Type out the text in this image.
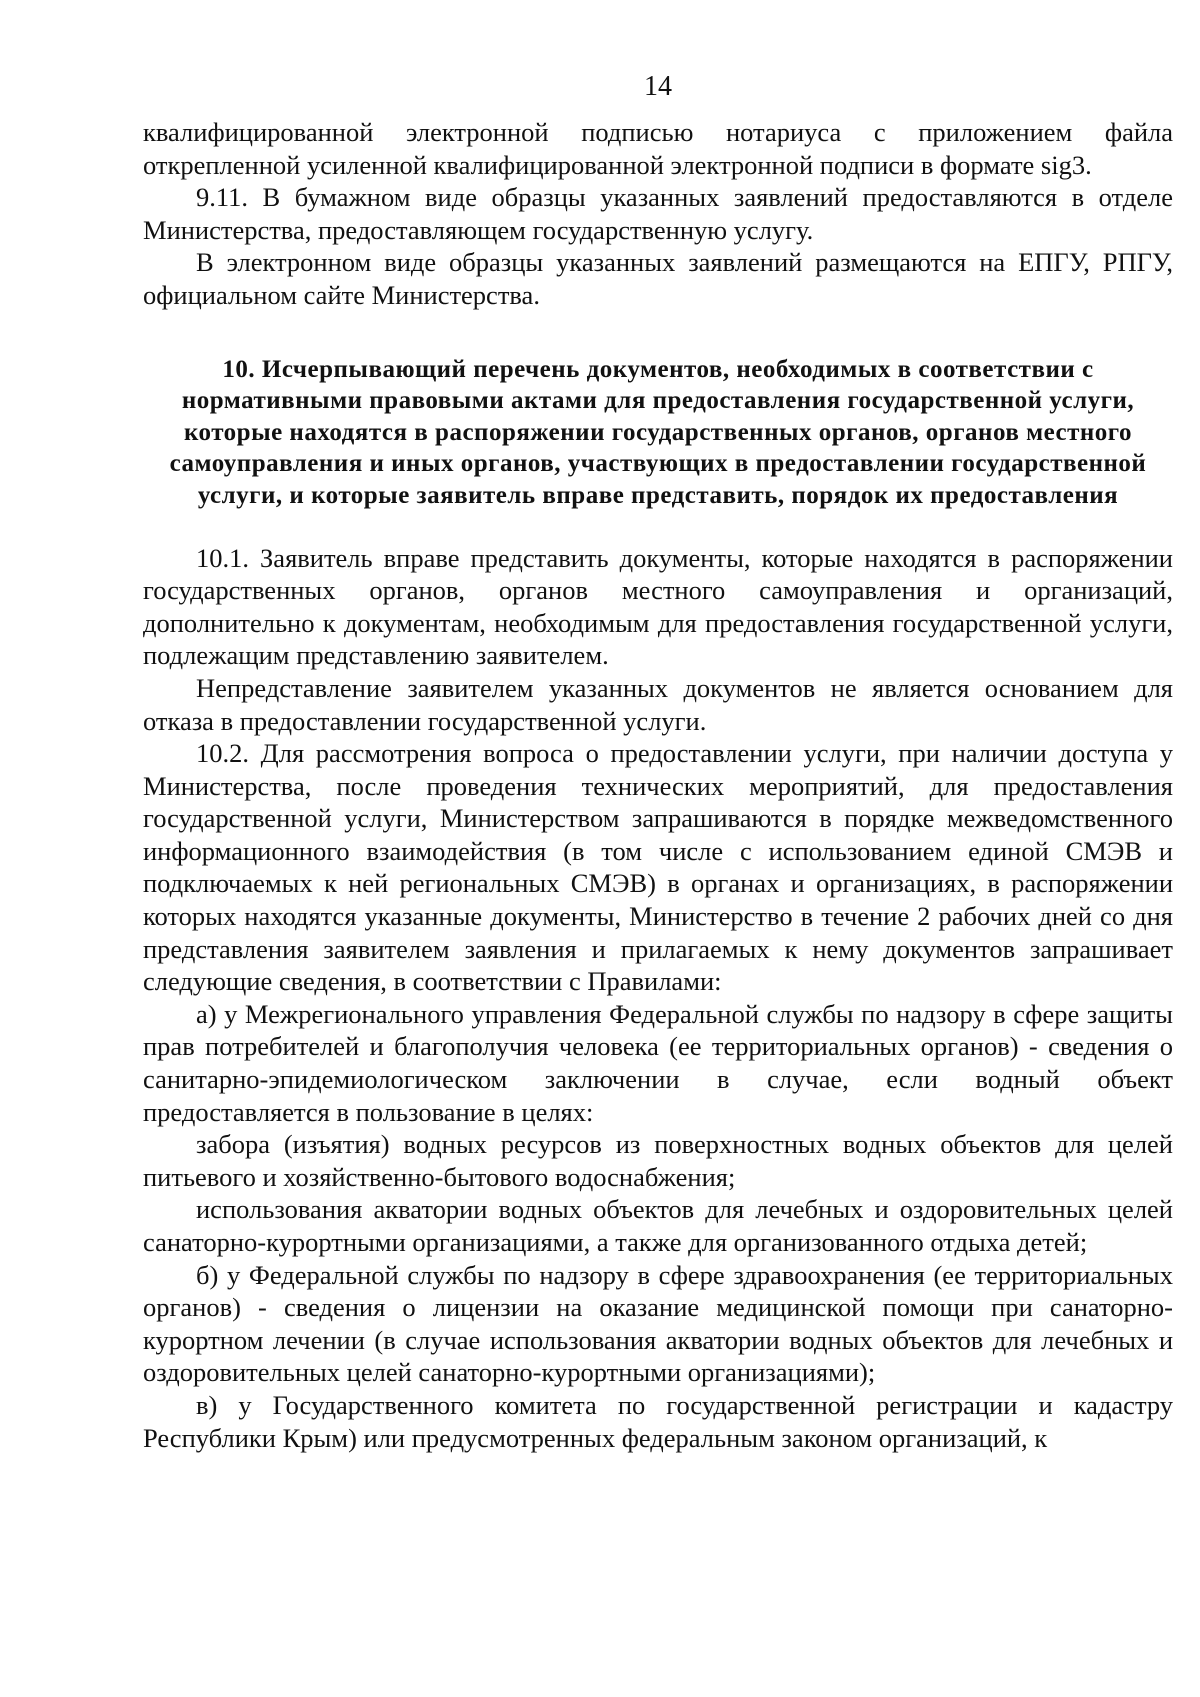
14

квалифицированной электронной подписью нотариуса с приложением файла открепленной усиленной квалифицированной электронной подписи в формате sig3.

9.11. В бумажном виде образцы указанных заявлений предоставляются в отделе Министерства, предоставляющем государственную услугу.

В электронном виде образцы указанных заявлений размещаются на ЕПГУ, РПГУ, официальном сайте Министерства.

10. Исчерпывающий перечень документов, необходимых в соответствии с нормативными правовыми актами для предоставления государственной услуги, которые находятся в распоряжении государственных органов, органов местного самоуправления и иных органов, участвующих в предоставлении государственной услуги, и которые заявитель вправе представить, порядок их предоставления

10.1. Заявитель вправе представить документы, которые находятся в распоряжении государственных органов, органов местного самоуправления и организаций, дополнительно к документам, необходимым для предоставления государственной услуги, подлежащим представлению заявителем.

Непредставление заявителем указанных документов не является основанием для отказа в предоставлении государственной услуги.

10.2. Для рассмотрения вопроса о предоставлении услуги, при наличии доступа у Министерства, после проведения технических мероприятий, для предоставления государственной услуги, Министерством запрашиваются в порядке межведомственного информационного взаимодействия (в том числе с использованием единой СМЭВ и подключаемых к ней региональных СМЭВ) в органах и организациях, в распоряжении которых находятся указанные документы, Министерство в течение 2 рабочих дней со дня представления заявителем заявления и прилагаемых к нему документов запрашивает следующие сведения, в соответствии с Правилами:

а) у Межрегионального управления Федеральной службы по надзору в сфере защиты прав потребителей и благополучия человека (ее территориальных органов) - сведения о санитарно-эпидемиологическом заключении в случае, если водный объект предоставляется в пользование в целях:

забора (изъятия) водных ресурсов из поверхностных водных объектов для целей питьевого и хозяйственно-бытового водоснабжения;

использования акватории водных объектов для лечебных и оздоровительных целей санаторно-курортными организациями, а также для организованного отдыха детей;

б) у Федеральной службы по надзору в сфере здравоохранения (ее территориальных органов) - сведения о лицензии на оказание медицинской помощи при санаторно-курортном лечении (в случае использования акватории водных объектов для лечебных и оздоровительных целей санаторно-курортными организациями);

в) у Государственного комитета по государственной регистрации и кадастру Республики Крым) или предусмотренных федеральным законом организаций, к
